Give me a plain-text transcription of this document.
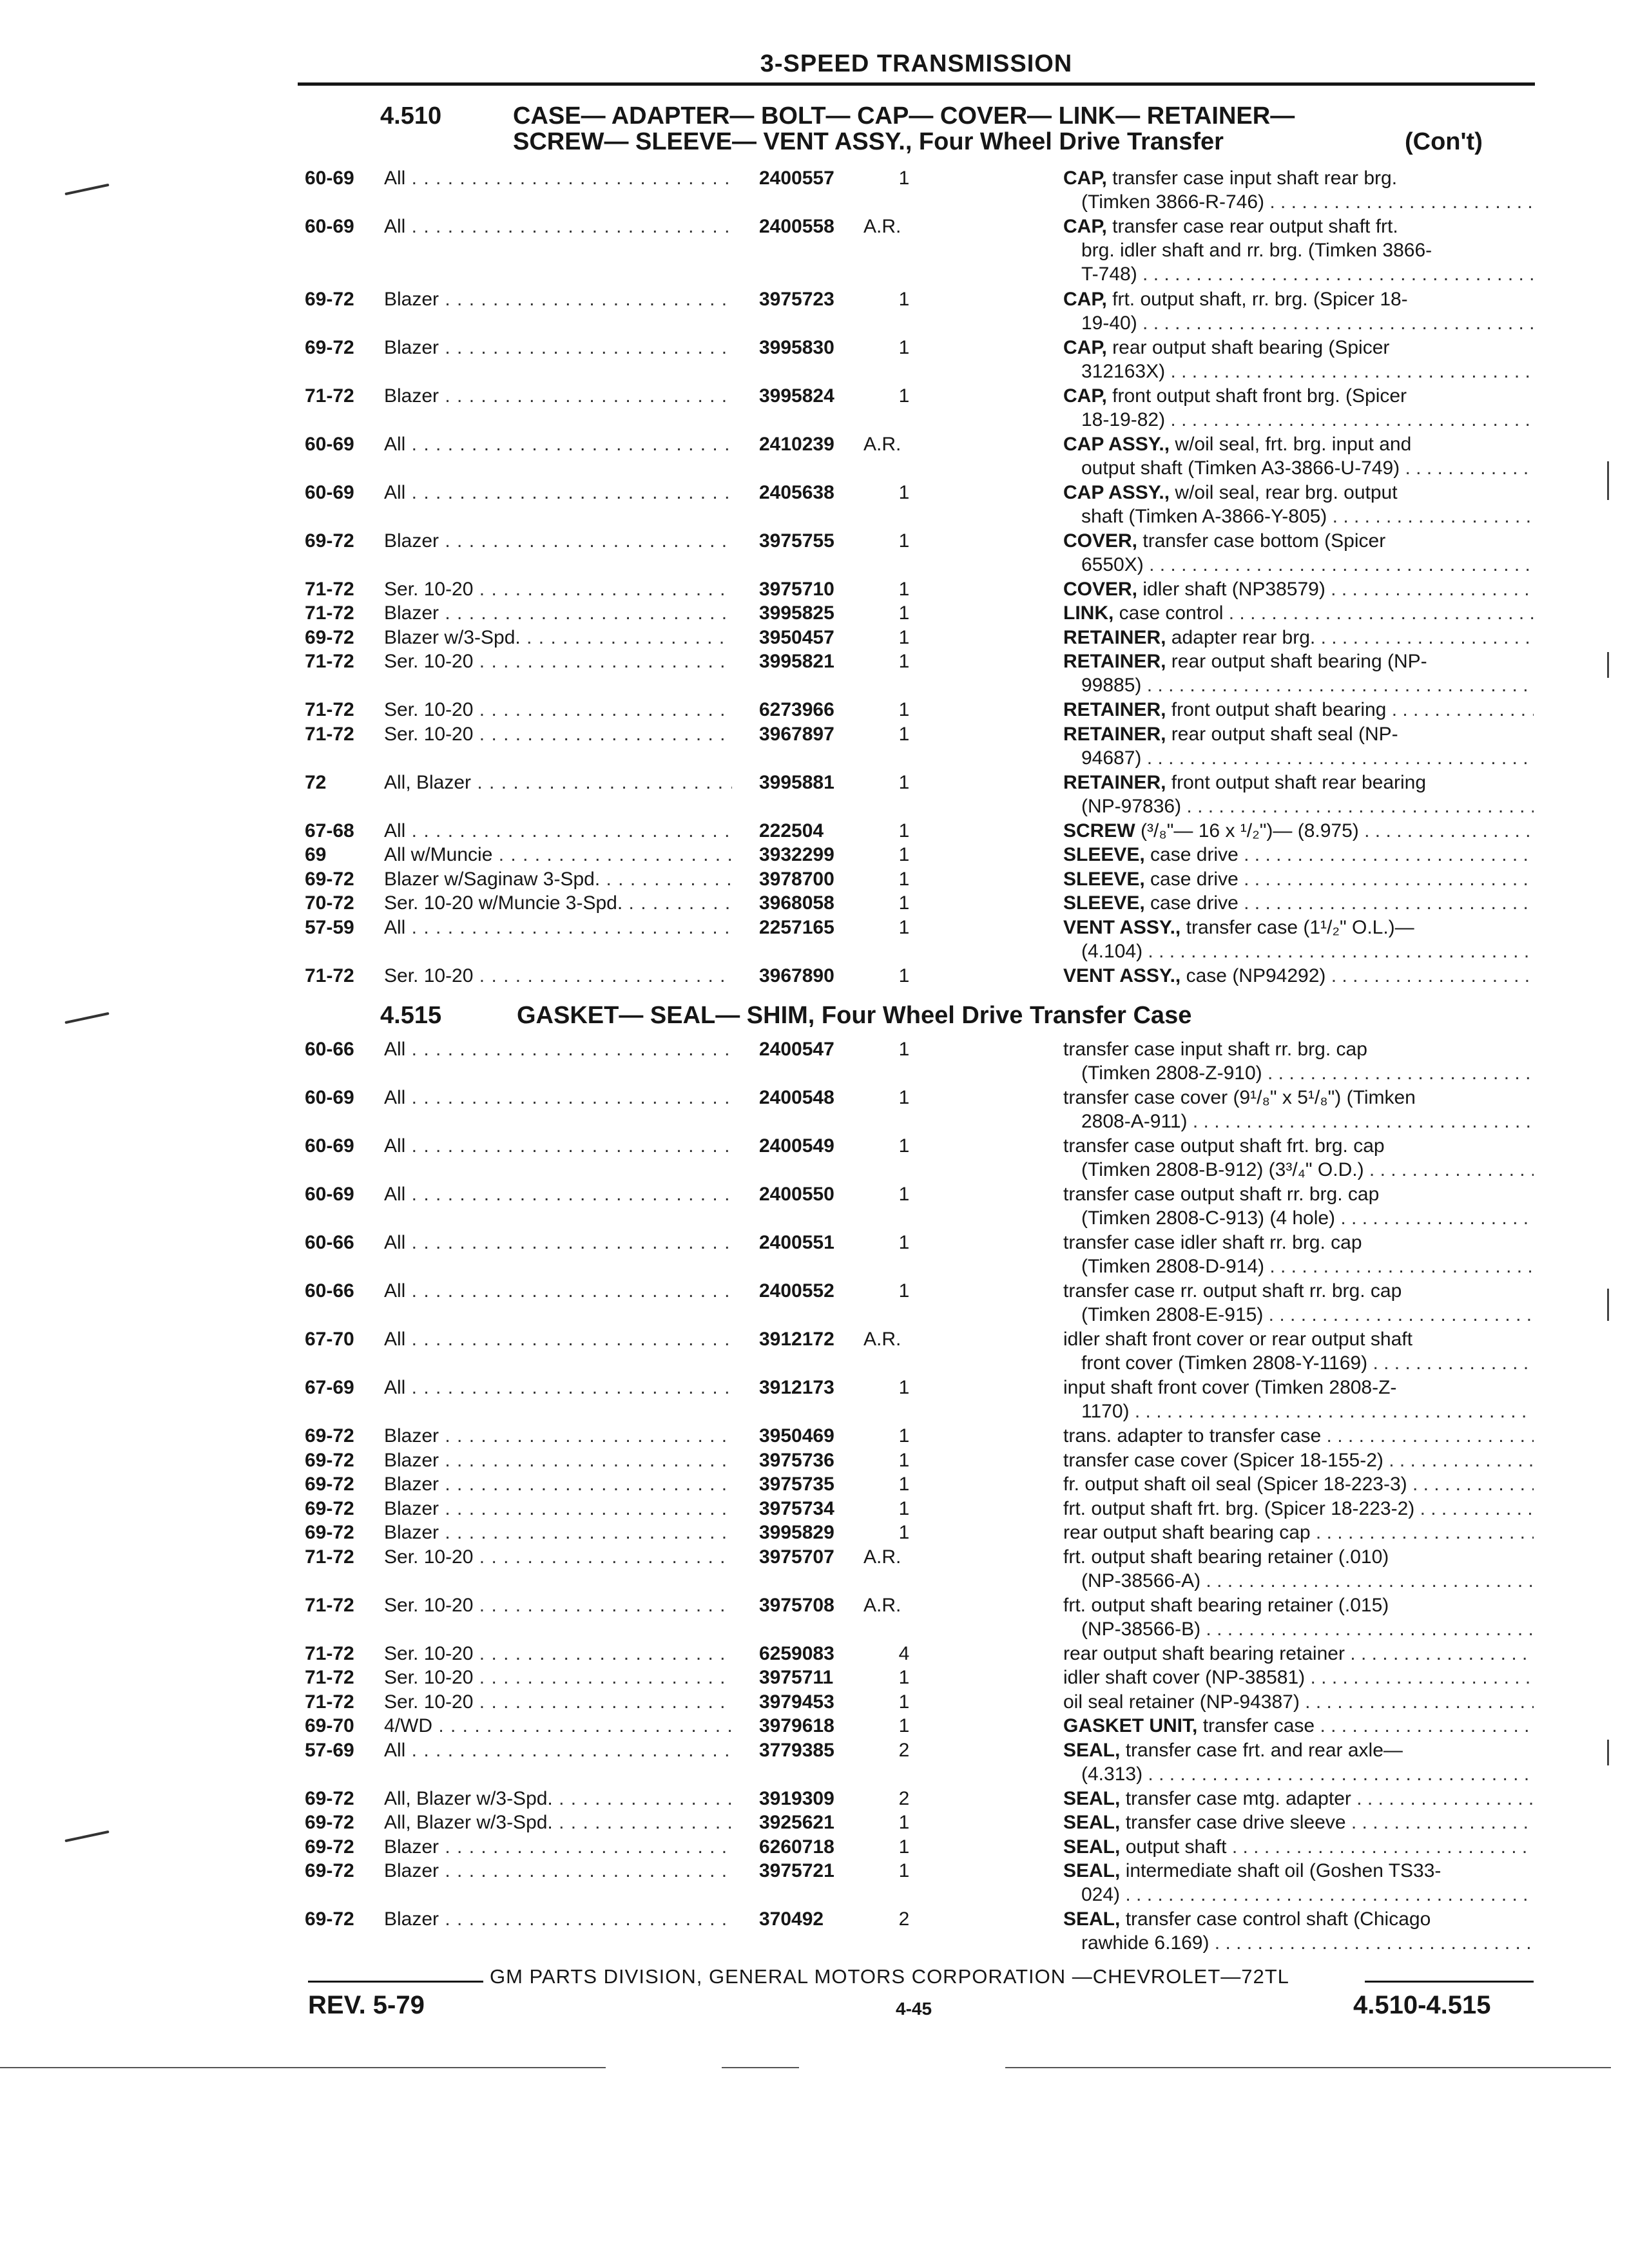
3-SPEED TRANSMISSION
4.510	CASE— ADAPTER— BOLT— CAP— COVER— LINK— RETAINER—
SCREW— SLEEVE— VENT ASSY., Four Wheel Drive Transfer	(Con't)
60-69 All . . .	2400557	1	CAP, transfer case input shaft rear brg.
(Timken 3866-R-746) . . .
60-69 All . . .	2400558	A.R.	CAP, transfer case rear output shaft frt.
brg. idler shaft and rr. brg. (Timken 3866-
T-748) . . .
69-72 Blazer . . .	3975723	1	CAP, frt. output shaft, rr. brg. (Spicer 18-
19-40) . . .
69-72 Blazer . . .	3995830	1	CAP, rear output shaft bearing (Spicer
312163X) . . .
71-72 Blazer . . .	3995824	1	CAP, front output shaft front brg. (Spicer
18-19-82) . . .
60-69 All . . .	2410239	A.R.	CAP ASSY., w/oil seal, frt. brg. input and
output shaft (Timken A3-3866-U-749) . . .
60-69 All . . .	2405638	1	CAP ASSY., w/oil seal, rear brg. output
shaft (Timken A-3866-Y-805) . . .
69-72 Blazer . . .	3975755	1	COVER, transfer case bottom (Spicer
6550X) . . .
71-72 Ser. 10-20 . . .	3975710	1	COVER, idler shaft (NP38579) . . .
71-72 Blazer . . .	3995825	1	LINK, case control . . .
69-72 Blazer w/3-Spd. . . .	3950457	1	RETAINER, adapter rear brg. . . .
71-72 Ser. 10-20 . . .	3995821	1	RETAINER, rear output shaft bearing (NP-
99885) . . .
71-72 Ser. 10-20 . . .	6273966	1	RETAINER, front output shaft bearing . . .
71-72 Ser. 10-20 . . .	3967897	1	RETAINER, rear output shaft seal (NP-
94687) . . .
72	All, Blazer . . .	3995881	1	RETAINER, front output shaft rear bearing
(NP-97836) . . .
67-68 All . . .	222504	1	SCREW (³/₈"— 16 x ¹/₂")— (8.975) . . .
69	All w/Muncie . . .	3932299	1	SLEEVE, case drive . . .
69-72 Blazer w/Saginaw 3-Spd. . . .	3978700	1	SLEEVE, case drive . . .
70-72 Ser. 10-20 w/Muncie 3-Spd. . . .	3968058	1	SLEEVE, case drive . . .
57-59 All . . .	2257165	1	VENT ASSY., transfer case (1¹/₂" O.L.)—
(4.104) . . .
71-72 Ser. 10-20 . . .	3967890	1	VENT ASSY., case (NP94292) . . .
4.515	GASKET— SEAL— SHIM, Four Wheel Drive Transfer Case
60-66 All . . .	2400547	1	transfer case input shaft rr. brg. cap
(Timken 2808-Z-910) . . .
60-69 All . . .	2400548	1	transfer case cover (9¹/₈" x 5¹/₈") (Timken
2808-A-911) . . .
60-69 All . . .	2400549	1	transfer case output shaft frt. brg. cap
(Timken 2808-B-912) (3³/₄" O.D.) . . .
60-69 All . . .	2400550	1	transfer case output shaft rr. brg. cap
(Timken 2808-C-913) (4 hole) . . .
60-66 All . . .	2400551	1	transfer case idler shaft rr. brg. cap
(Timken 2808-D-914) . . .
60-66 All . . .	2400552	1	transfer case rr. output shaft rr. brg. cap
(Timken 2808-E-915) . . .
67-70 All . . .	3912172	A.R.	idler shaft front cover or rear output shaft
front cover (Timken 2808-Y-1169) . . .
67-69 All . . .	3912173	1	input shaft front cover (Timken 2808-Z-
1170) . . .
69-72 Blazer . . .	3950469	1	trans. adapter to transfer case . . .
69-72 Blazer . . .	3975736	1	transfer case cover (Spicer 18-155-2) . . .
69-72 Blazer . . .	3975735	1	fr. output shaft oil seal (Spicer 18-223-3) . . .
69-72 Blazer . . .	3975734	1	frt. output shaft frt. brg. (Spicer 18-223-2) . . .
69-72 Blazer . . .	3995829	1	rear output shaft bearing cap . . .
71-72 Ser. 10-20 . . .	3975707	A.R.	frt. output shaft bearing retainer (.010)
(NP-38566-A) . . .
71-72 Ser. 10-20 . . .	3975708	A.R.	frt. output shaft bearing retainer (.015)
(NP-38566-B) . . .
71-72 Ser. 10-20 . . .	6259083	4	rear output shaft bearing retainer . . .
71-72 Ser. 10-20 . . .	3975711	1	idler shaft cover (NP-38581) . . .
71-72 Ser. 10-20 . . .	3979453	1	oil seal retainer (NP-94387) . . .
69-70 4/WD . . .	3979618	1	GASKET UNIT, transfer case . . .
57-69 All . . .	3779385	2	SEAL, transfer case frt. and rear axle—
(4.313) . . .
69-72 All, Blazer w/3-Spd. . . .	3919309	2	SEAL, transfer case mtg. adapter . . .
69-72 All, Blazer w/3-Spd. . . .	3925621	1	SEAL, transfer case drive sleeve . . .
69-72 Blazer . . .	6260718	1	SEAL, output shaft . . .
69-72 Blazer . . .	3975721	1	SEAL, intermediate shaft oil (Goshen TS33-
024) . . .
69-72 Blazer . . .	370492	2	SEAL, transfer case control shaft (Chicago
rawhide 6.169) . . .
GM PARTS DIVISION, GENERAL MOTORS CORPORATION —CHEVROLET—72TL
REV. 5-79	4-45	4.510-4.515
